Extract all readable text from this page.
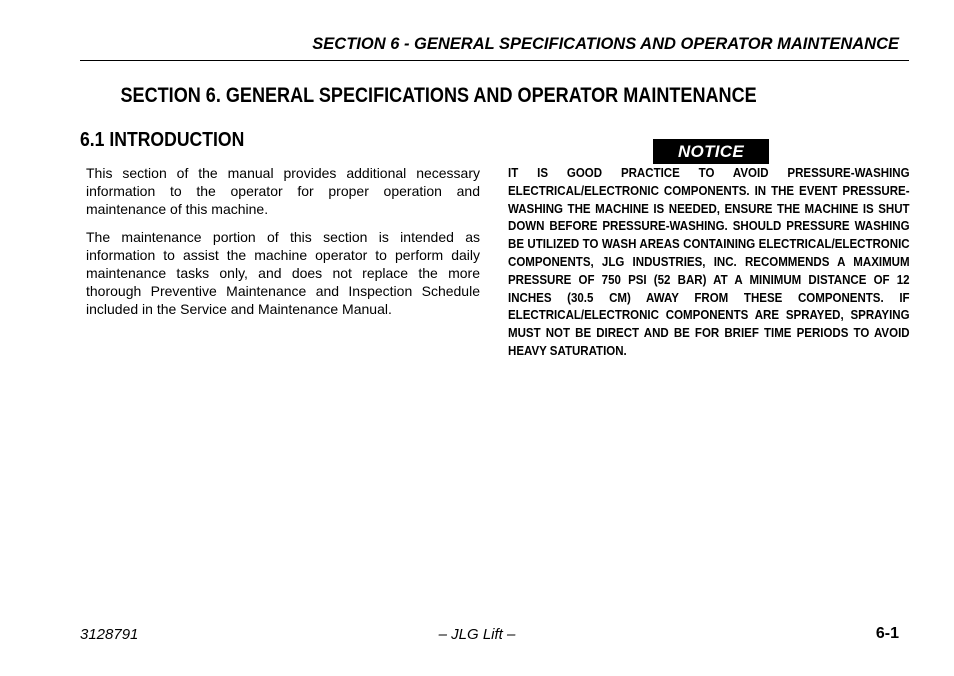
SECTION 6 - GENERAL SPECIFICATIONS AND OPERATOR MAINTENANCE
SECTION 6. GENERAL SPECIFICATIONS AND OPERATOR MAINTENANCE
6.1 INTRODUCTION

This section of the manual provides additional necessary information to the operator for proper operation and maintenance of this machine.

The maintenance portion of this section is intended as information to assist the machine operator to perform daily maintenance tasks only, and does not replace the more thorough Preventive Maintenance and Inspection Schedule included in the Service and Maintenance Manual.

NOTICE

IT IS GOOD PRACTICE TO AVOID PRESSURE-WASHING ELECTRICAL/ELECTRONIC COMPONENTS. IN THE EVENT PRESSURE-WASHING THE MACHINE IS NEEDED, ENSURE THE MACHINE IS SHUT DOWN BEFORE PRESSURE-WASHING. SHOULD PRESSURE WASHING BE UTILIZED TO WASH AREAS CONTAINING ELECTRICAL/ELECTRONIC COMPONENTS, JLG INDUSTRIES, INC. RECOMMENDS A MAXIMUM PRESSURE OF 750 PSI (52 BAR) AT A MINIMUM DISTANCE OF 12 INCHES (30.5 CM) AWAY FROM THESE COMPONENTS. IF ELECTRICAL/ELECTRONIC COMPONENTS ARE SPRAYED, SPRAYING MUST NOT BE DIRECT AND BE FOR BRIEF TIME PERIODS TO AVOID HEAVY SATURATION.

3128791	– JLG Lift –	6-1
